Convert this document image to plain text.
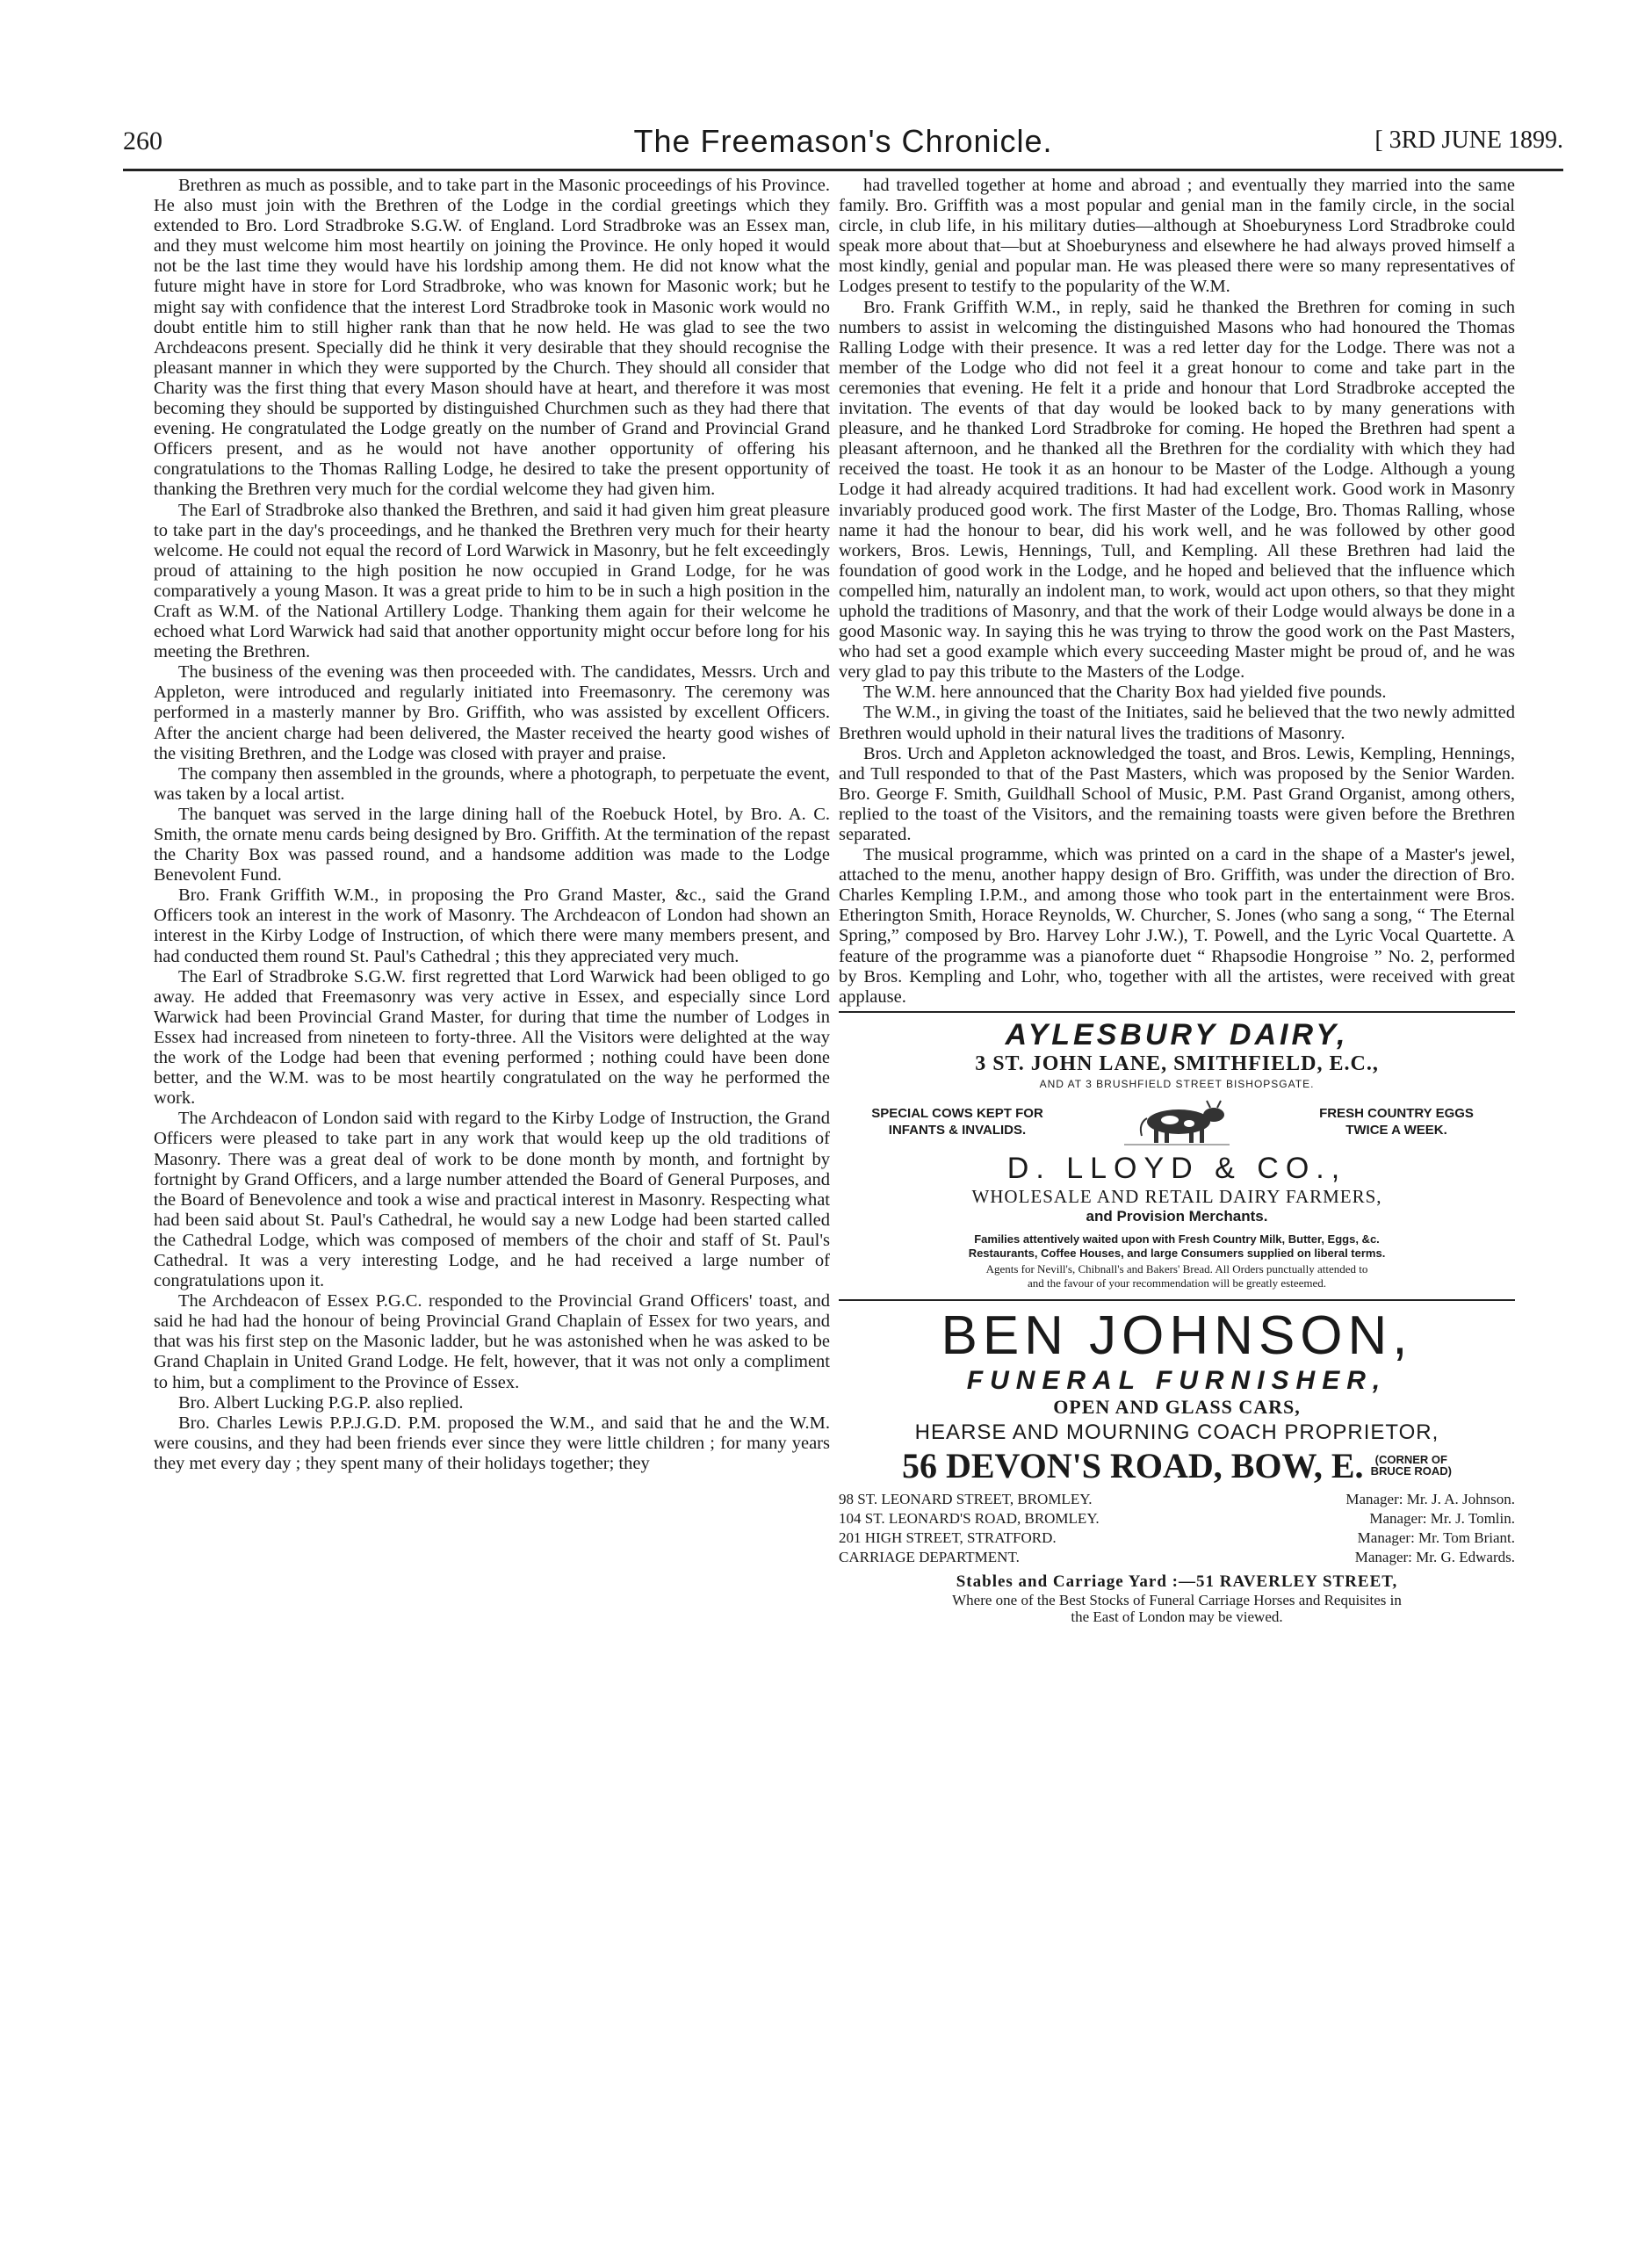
260	The Freemason's Chronicle.	[ 3RD JUNE 1899.

Brethren as much as possible, and to take part in the Masonic proceedings of his Province. He also must join with the Brethren of the Lodge in the cordial greetings which they extended to Bro. Lord Stradbroke S.G.W. of England. Lord Stradbroke was an Essex man, and they must welcome him most heartily on joining the Province. He only hoped it would not be the last time they would have his lordship among them. He did not know what the future might have in store for Lord Stradbroke, who was known for Masonic work; but he might say with confidence that the interest Lord Stradbroke took in Masonic work would no doubt entitle him to still higher rank than that he now held. He was glad to see the two Archdeacons present. Specially did he think it very desirable that they should recognise the pleasant manner in which they were supported by the Church. They should all consider that Charity was the first thing that every Mason should have at heart, and therefore it was most becoming they should be supported by distinguished Churchmen such as they had there that evening. He congratulated the Lodge greatly on the number of Grand and Provincial Grand Officers present, and as he would not have another opportunity of offering his congratulations to the Thomas Ralling Lodge, he desired to take the present opportunity of thanking the Brethren very much for the cordial welcome they had given him.

The Earl of Stradbroke also thanked the Brethren, and said it had given him great pleasure to take part in the day's proceedings, and he thanked the Brethren very much for their hearty welcome. He could not equal the record of Lord Warwick in Masonry, but he felt exceedingly proud of attaining to the high position he now occupied in Grand Lodge, for he was comparatively a young Mason. It was a great pride to him to be in such a high position in the Craft as W.M. of the National Artillery Lodge. Thanking them again for their welcome he echoed what Lord Warwick had said that another opportunity might occur before long for his meeting the Brethren.

The business of the evening was then proceeded with. The candidates, Messrs. Urch and Appleton, were introduced and regularly initiated into Freemasonry. The ceremony was performed in a masterly manner by Bro. Griffith, who was assisted by excellent Officers. After the ancient charge had been delivered, the Master received the hearty good wishes of the visiting Brethren, and the Lodge was closed with prayer and praise.

The company then assembled in the grounds, where a photograph, to perpetuate the event, was taken by a local artist.

The banquet was served in the large dining hall of the Roebuck Hotel, by Bro. A. C. Smith, the ornate menu cards being designed by Bro. Griffith. At the termination of the repast the Charity Box was passed round, and a handsome addition was made to the Lodge Benevolent Fund.

Bro. Frank Griffith W.M., in proposing the Pro Grand Master, &c., said the Grand Officers took an interest in the work of Masonry. The Archdeacon of London had shown an interest in the Kirby Lodge of Instruction, of which there were many members present, and had conducted them round St. Paul's Cathedral ; this they appreciated very much.

The Earl of Stradbroke S.G.W. first regretted that Lord Warwick had been obliged to go away. He added that Freemasonry was very active in Essex, and especially since Lord Warwick had been Provincial Grand Master, for during that time the number of Lodges in Essex had increased from nineteen to forty-three. All the Visitors were delighted at the way the work of the Lodge had been that evening performed ; nothing could have been done better, and the W.M. was to be most heartily congratulated on the way he performed the work.

The Archdeacon of London said with regard to the Kirby Lodge of Instruction, the Grand Officers were pleased to take part in any work that would keep up the old traditions of Masonry. There was a great deal of work to be done month by month, and fortnight by fortnight by Grand Officers, and a large number attended the Board of General Purposes, and the Board of Benevolence and took a wise and practical interest in Masonry. Respecting what had been said about St. Paul's Cathedral, he would say a new Lodge had been started called the Cathedral Lodge, which was composed of members of the choir and staff of St. Paul's Cathedral. It was a very interesting Lodge, and he had received a large number of congratulations upon it.

The Archdeacon of Essex P.G.C. responded to the Provincial Grand Officers' toast, and said he had had the honour of being Provincial Grand Chaplain of Essex for two years, and that was his first step on the Masonic ladder, but he was astonished when he was asked to be Grand Chaplain in United Grand Lodge. He felt, however, that it was not only a compliment to him, but a compliment to the Province of Essex.

Bro. Albert Lucking P.G.P. also replied.

Bro. Charles Lewis P.P.J.G.D. P.M. proposed the W.M., and said that he and the W.M. were cousins, and they had been friends ever since they were little children ; for many years they met every day ; they spent many of their holidays together; they

had travelled together at home and abroad ; and eventually they married into the same family. Bro. Griffith was a most popular and genial man in the family circle, in the social circle, in club life, in his military duties—although at Shoeburyness Lord Stradbroke could speak more about that—but at Shoeburyness and elsewhere he had always proved himself a most kindly, genial and popular man. He was pleased there were so many representatives of Lodges present to testify to the popularity of the W.M.

Bro. Frank Griffith W.M., in reply, said he thanked the Brethren for coming in such numbers to assist in welcoming the distinguished Masons who had honoured the Thomas Ralling Lodge with their presence. It was a red letter day for the Lodge. There was not a member of the Lodge who did not feel it a great honour to come and take part in the ceremonies that evening. He felt it a pride and honour that Lord Stradbroke accepted the invitation. The events of that day would be looked back to by many generations with pleasure, and he thanked Lord Stradbroke for coming. He hoped the Brethren had spent a pleasant afternoon, and he thanked all the Brethren for the cordiality with which they had received the toast. He took it as an honour to be Master of the Lodge. Although a young Lodge it had already acquired traditions. It had had excellent work. Good work in Masonry invariably produced good work. The first Master of the Lodge, Bro. Thomas Ralling, whose name it had the honour to bear, did his work well, and he was followed by other good workers, Bros. Lewis, Hennings, Tull, and Kempling. All these Brethren had laid the foundation of good work in the Lodge, and he hoped and believed that the influence which compelled him, naturally an indolent man, to work, would act upon others, so that they might uphold the traditions of Masonry, and that the work of their Lodge would always be done in a good Masonic way. In saying this he was trying to throw the good work on the Past Masters, who had set a good example which every succeeding Master might be proud of, and he was very glad to pay this tribute to the Masters of the Lodge.

The W.M. here announced that the Charity Box had yielded five pounds.

The W.M., in giving the toast of the Initiates, said he believed that the two newly admitted Brethren would uphold in their natural lives the traditions of Masonry.

Bros. Urch and Appleton acknowledged the toast, and Bros. Lewis, Kempling, Hennings, and Tull responded to that of the Past Masters, which was proposed by the Senior Warden. Bro. George F. Smith, Guildhall School of Music, P.M. Past Grand Organist, among others, replied to the toast of the Visitors, and the remaining toasts were given before the Brethren separated.

The musical programme, which was printed on a card in the shape of a Master's jewel, attached to the menu, another happy design of Bro. Griffith, was under the direction of Bro. Charles Kempling I.P.M., and among those who took part in the entertainment were Bros. Etherington Smith, Horace Reynolds, W. Churcher, S. Jones (who sang a song, “ The Eternal Spring,” composed by Bro. Harvey Lohr J.W.), T. Powell, and the Lyric Vocal Quartette. A feature of the programme was a pianoforte duet “ Rhapsodie Hongroise ” No. 2, performed by Bros. Kempling and Lohr, who, together with all the artistes, were received with great applause.

AYLESBURY DAIRY,
3 ST. JOHN LANE, SMITHFIELD, E.C.,
AND AT 3 BRUSHFIELD STREET BISHOPSGATE.
SPECIAL COWS KEPT FOR
INFANTS & INVALIDS.
FRESH COUNTRY EGGS
TWICE A WEEK.
D. LLOYD & CO.,
WHOLESALE AND RETAIL DAIRY FARMERS,
and Provision Merchants.
Families attentively waited upon with Fresh Country Milk, Butter, Eggs, &c.
Restaurants, Coffee Houses, and large Consumers supplied on liberal terms.
Agents for Nevill's, Chibnall's and Bakers' Bread. All Orders punctually attended to
and the favour of your recommendation will be greatly esteemed.
BEN JOHNSON,
FUNERAL FURNISHER,
OPEN AND GLASS CARS,
HEARSE AND MOURNING COACH PROPRIETOR,
56 DEVON'S ROAD, BOW, E.	(CORNER OF
BRUCE ROAD)
98 ST. LEONARD STREET, BROMLEY.	Manager: Mr. J. A. Johnson.
104 ST. LEONARD'S ROAD, BROMLEY.	Manager: Mr. J. Tomlin.
201 HIGH STREET, STRATFORD.	Manager: Mr. Tom Briant.
CARRIAGE DEPARTMENT.	Manager: Mr. G. Edwards.
Stables and Carriage Yard :—51 RAVERLEY STREET,
Where one of the Best Stocks of Funeral Carriage Horses and Requisites in
the East of London may be viewed.
